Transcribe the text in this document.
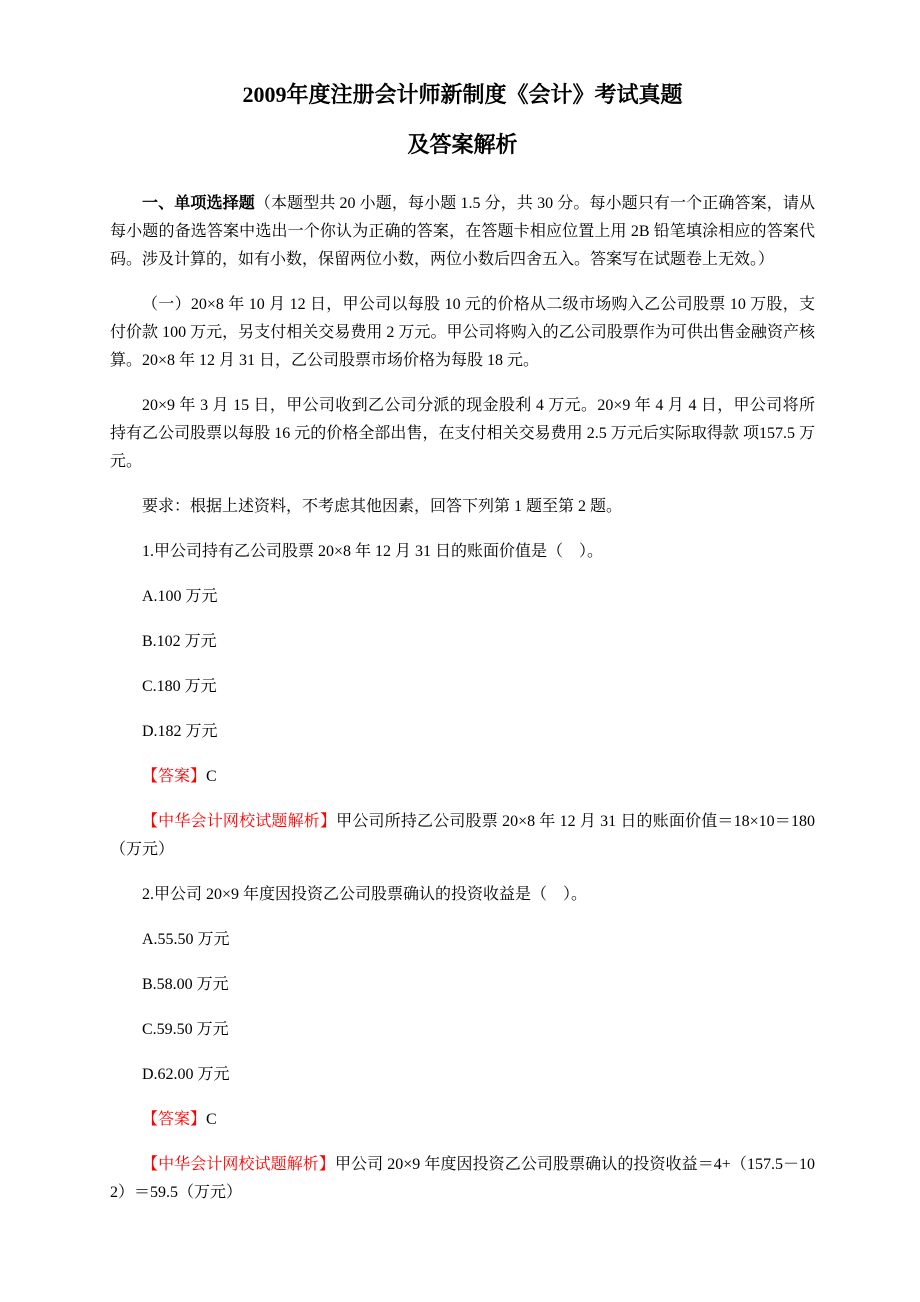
2009年度注册会计师新制度《会计》考试真题
及答案解析

一、单项选择题（本题型共 20 小题，每小题 1.5 分，共 30 分。每小题只有一个正确答案，请从每小题的备选答案中选出一个你认为正确的答案，在答题卡相应位置上用 2B 铅笔填涂相应的答案代码。涉及计算的，如有小数，保留两位小数，两位小数后四舍五入。答案写在试题卷上无效。）

（一）20×8 年 10 月 12 日，甲公司以每股 10 元的价格从二级市场购入乙公司股票 10 万股，支付价款 100 万元，另支付相关交易费用 2 万元。甲公司将购入的乙公司股票作为可供出售金融资产核算。20×8 年 12 月 31 日，乙公司股票市场价格为每股 18 元。

20×9 年 3 月 15 日，甲公司收到乙公司分派的现金股利 4 万元。20×9 年 4 月 4 日，甲公司将所持有乙公司股票以每股 16 元的价格全部出售，在支付相关交易费用 2.5 万元后实际取得款 项157.5 万元。

要求：根据上述资料，不考虑其他因素，回答下列第 1 题至第 2 题。

1.甲公司持有乙公司股票 20×8 年 12 月 31 日的账面价值是（　）。

A.100 万元

B.102 万元

C.180 万元

D.182 万元

【答案】C

【中华会计网校试题解析】甲公司所持乙公司股票 20×8 年 12 月 31 日的账面价值＝18×10＝180（万元）

2.甲公司 20×9 年度因投资乙公司股票确认的投资收益是（　）。

A.55.50 万元

B.58.00 万元

C.59.50 万元

D.62.00 万元

【答案】C

【中华会计网校试题解析】甲公司 20×9 年度因投资乙公司股票确认的投资收益＝4+（157.5－102）＝59.5（万元）
